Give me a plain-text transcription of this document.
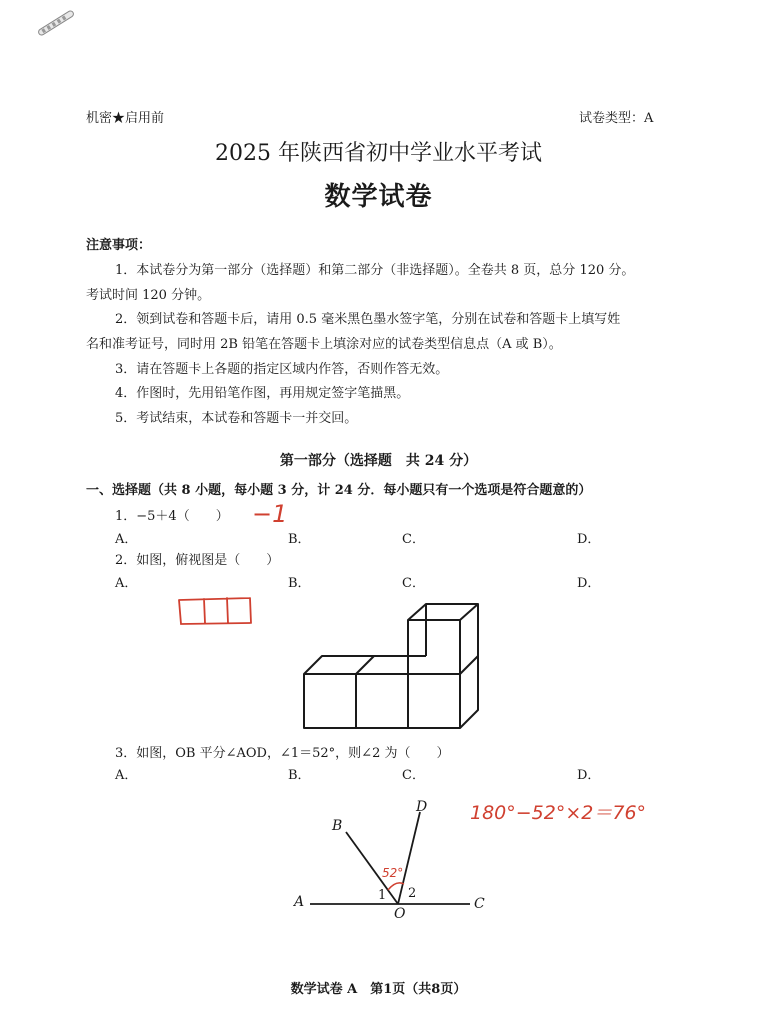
机密★启用前	试卷类型：A
2025 年陕西省初中学业水平考试
数学试卷
注意事项：
1．本试卷分为第一部分（选择题）和第二部分（非选择题）。全卷共 8 页，总分 120 分。
考试时间 120 分钟。
2．领到试卷和答题卡后，请用 0.5 毫米黑色墨水签字笔，分别在试卷和答题卡上填写姓
名和准考证号，同时用 2B 铅笔在答题卡上填涂对应的试卷类型信息点（A 或 B）。
3．请在答题卡上各题的指定区域内作答，否则作答无效。
4．作图时，先用铅笔作图，再用规定签字笔描黑。
5．考试结束，本试卷和答题卡一并交回。
第一部分（选择题　共 24 分）
一、选择题（共 8 小题，每小题 3 分，计 24 分．每小题只有一个选项是符合题意的）
1．−5＋4（　　） −1
A．	B．	C．	D．
2．如图，俯视图是（　　）
A．	B．	C．	D．
3．如图，OB 平分∠AOD，∠1＝52°，则∠2 为（　　）
A．	B．	C．	D．
180°−52°×2＝76°
A
B
C
D
O
1 2
52°
数学试卷 A　第1页（共8页）
